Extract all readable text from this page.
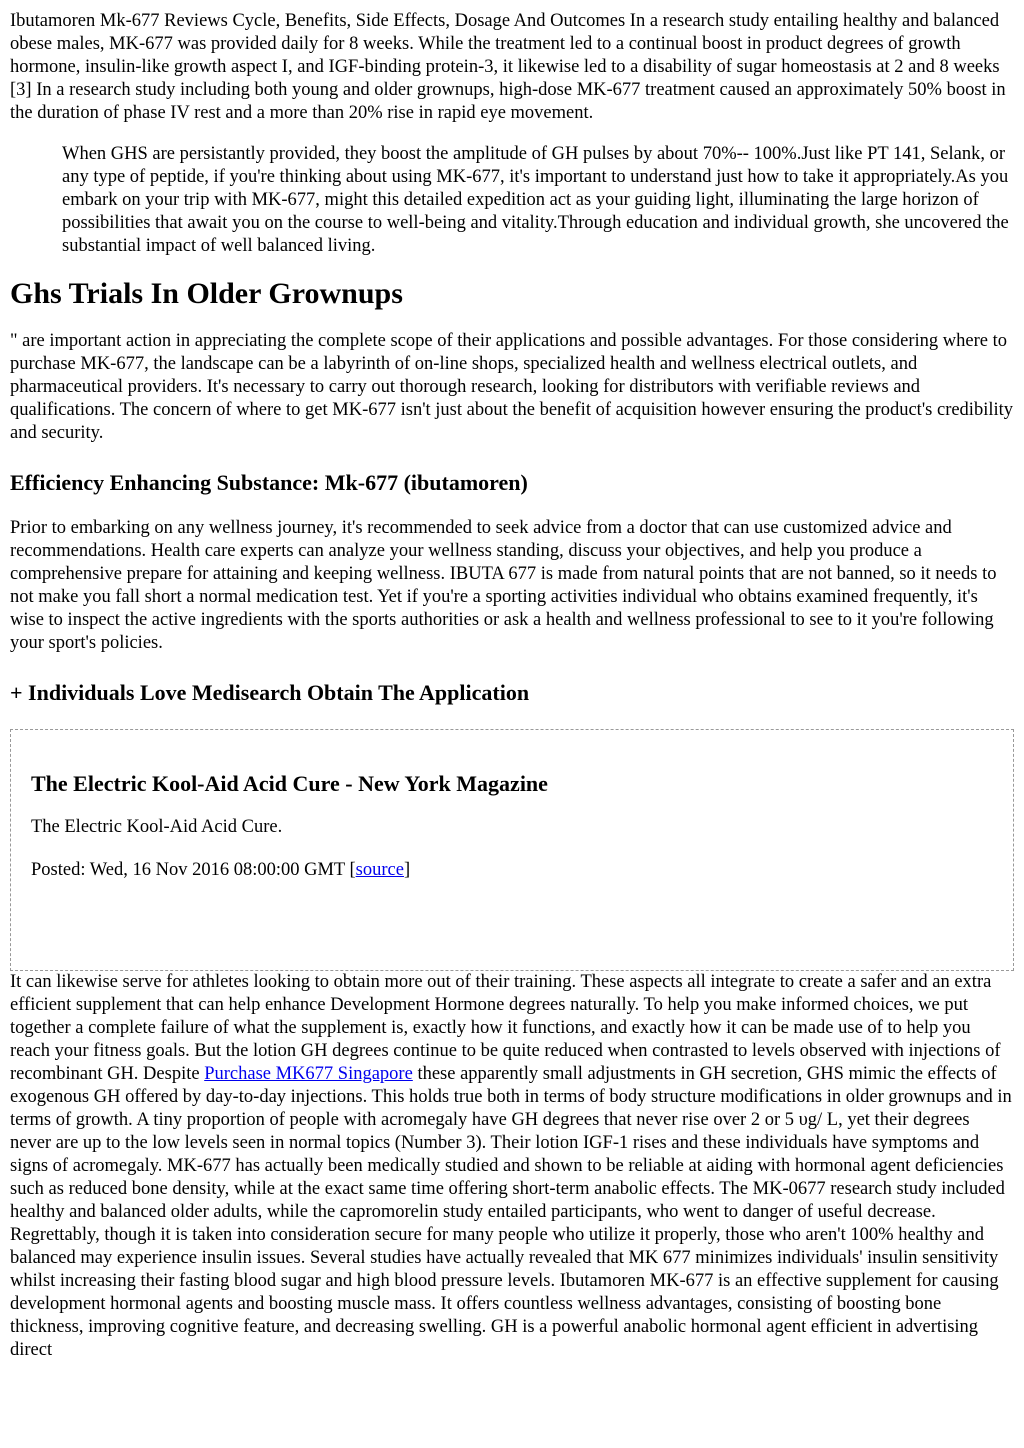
Ibutamoren Mk-677 Reviews Cycle, Benefits, Side Effects, Dosage And Outcomes In a research study entailing healthy and balanced obese males, MK-677 was provided daily for 8 weeks. While the treatment led to a continual boost in product degrees of growth hormone, insulin-like growth aspect I, and IGF-binding protein-3, it likewise led to a disability of sugar homeostasis at 2 and 8 weeks [3] In a research study including both young and older grownups, high-dose MK-677 treatment caused an approximately 50% boost in the duration of phase IV rest and a more than 20% rise in rapid eye movement.

When GHS are persistantly provided, they boost the amplitude of GH pulses by about 70%-- 100%.Just like PT 141, Selank, or any type of peptide, if you're thinking about using MK-677, it's important to understand just how to take it appropriately.As you embark on your trip with MK-677, might this detailed expedition act as your guiding light, illuminating the large horizon of possibilities that await you on the course to well-being and vitality.Through education and individual growth, she uncovered the substantial impact of well balanced living.
Ghs Trials In Older Grownups

" are important action in appreciating the complete scope of their applications and possible advantages. For those considering where to purchase MK-677, the landscape can be a labyrinth of on-line shops, specialized health and wellness electrical outlets, and pharmaceutical providers. It's necessary to carry out thorough research, looking for distributors with verifiable reviews and qualifications. The concern of where to get MK-677 isn't just about the benefit of acquisition however ensuring the product's credibility and security.

Efficiency Enhancing Substance: Mk-677 (ibutamoren)

Prior to embarking on any wellness journey, it's recommended to seek advice from a doctor that can use customized advice and recommendations. Health care experts can analyze your wellness standing, discuss your objectives, and help you produce a comprehensive prepare for attaining and keeping wellness. IBUTA 677 is made from natural points that are not banned, so it needs to not make you fall short a normal medication test. Yet if you're a sporting activities individual who obtains examined frequently, it's wise to inspect the active ingredients with the sports authorities or ask a health and wellness professional to see to it you're following your sport's policies.

+ Individuals Love Medisearch Obtain The Application
The Electric Kool-Aid Acid Cure - New York Magazine

The Electric Kool-Aid Acid Cure.

Posted: Wed, 16 Nov 2016 08:00:00 GMT [source]

It can likewise serve for athletes looking to obtain more out of their training. These aspects all integrate to create a safer and an extra efficient supplement that can help enhance Development Hormone degrees naturally. To help you make informed choices, we put together a complete failure of what the supplement is, exactly how it functions, and exactly how it can be made use of to help you reach your fitness goals. But the lotion GH degrees continue to be quite reduced when contrasted to levels observed with injections of recombinant GH. Despite Purchase MK677 Singapore these apparently small adjustments in GH secretion, GHS mimic the effects of exogenous GH offered by day-to-day injections. This holds true both in terms of body structure modifications in older grownups and in terms of growth. A tiny proportion of people with acromegaly have GH degrees that never rise over 2 or 5 υg/ L, yet their degrees never are up to the low levels seen in normal topics (Number 3). Their lotion IGF-1 rises and these individuals have symptoms and signs of acromegaly. MK-677 has actually been medically studied and shown to be reliable at aiding with hormonal agent deficiencies such as reduced bone density, while at the exact same time offering short-term anabolic effects. The MK-0677 research study included healthy and balanced older adults, while the capromorelin study entailed participants, who went to danger of useful decrease. Regrettably, though it is taken into consideration secure for many people who utilize it properly, those who aren't 100% healthy and balanced may experience insulin issues. Several studies have actually revealed that MK 677 minimizes individuals' insulin sensitivity whilst increasing their fasting blood sugar and high blood pressure levels. Ibutamoren MK-677 is an effective supplement for causing development hormonal agents and boosting muscle mass. It offers countless wellness advantages, consisting of boosting bone thickness, improving cognitive feature, and decreasing swelling. GH is a powerful anabolic hormonal agent efficient in advertising direct
